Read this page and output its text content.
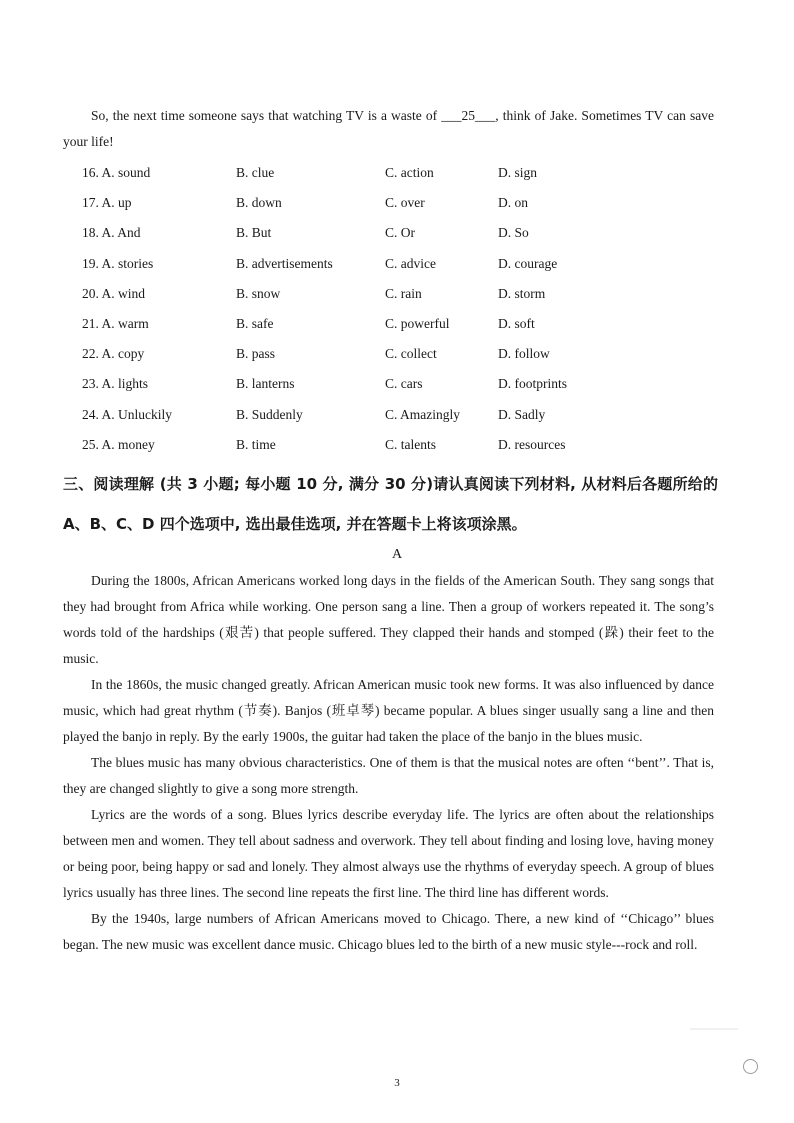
So, the next time someone says that watching TV is a waste of ___25___, think of Jake. Sometimes TV can save your life!

16. A. sound	B. clue	C. action	D. sign
17. A. up	B. down	C. over	D. on
18. A. And	B. But	C. Or	D. So
19. A. stories	B. advertisements	C. advice	D. courage
20. A. wind	B. snow	C. rain	D. storm
21. A. warm	B. safe	C. powerful	D. soft
22. A. copy	B. pass	C. collect	D. follow
23. A. lights	B. lanterns	C. cars	D. footprints
24. A. Unluckily	B. Suddenly	C. Amazingly	D. Sadly
25. A. money	B. time	C. talents	D. resources
三、阅读理解 (共 3 小题; 每小题 10 分, 满分 30 分)请认真阅读下列材料, 从材料后各题所给的 A、B、C、D 四个选项中, 选出最佳选项, 并在答题卡上将该项涂黑。
A

During the 1800s, African Americans worked long days in the fields of the American South. They sang songs that they had brought from Africa while working. One person sang a line. Then a group of workers repeated it. The song’s words told of the hardships (艰苦) that people suffered. They clapped their hands and stomped (跺) their feet to the music.

In the 1860s, the music changed greatly. African American music took new forms. It was also influenced by dance music, which had great rhythm (节奏). Banjos (班卓琴) became popular. A blues singer usually sang a line and then played the banjo in reply. By the early 1900s, the guitar had taken the place of the banjo in the blues music.

The blues music has many obvious characteristics. One of them is that the musical notes are often ‘‘bent’’. That is, they are changed slightly to give a song more strength.

Lyrics are the words of a song. Blues lyrics describe everyday life. The lyrics are often about the relationships between men and women. They tell about sadness and overwork. They tell about finding and losing love, having money or being poor, being happy or sad and lonely. They almost always use the rhythms of everyday speech. A group of blues lyrics usually has three lines. The second line repeats the first line. The third line has different words.

By the 1940s, large numbers of African Americans moved to Chicago. There, a new kind of ‘‘Chicago’’ blues began. The new music was excellent dance music. Chicago blues led to the birth of a new music style---rock and roll.

3
